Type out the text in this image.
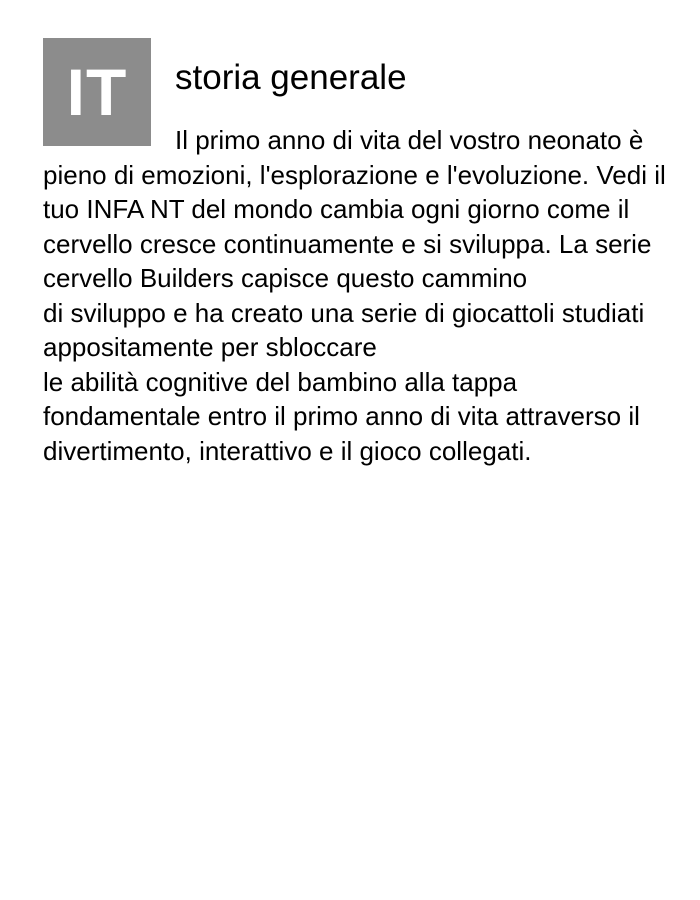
IT	storia generale

Il primo anno di vita del vostro neonato è pieno di emozioni, l'esplorazione e l'evoluzione. Vedi il tuo INFA NT del mondo cambia ogni giorno come il cervello cresce continuamente e si sviluppa. La serie cervello Builders capisce questo cammino
di sviluppo e ha creato una serie di giocattoli studiati appositamente per sbloccare
le abilità cognitive del bambino alla tappa fondamentale entro il primo anno di vita attraverso il divertimento, interattivo e il gioco collegati.
